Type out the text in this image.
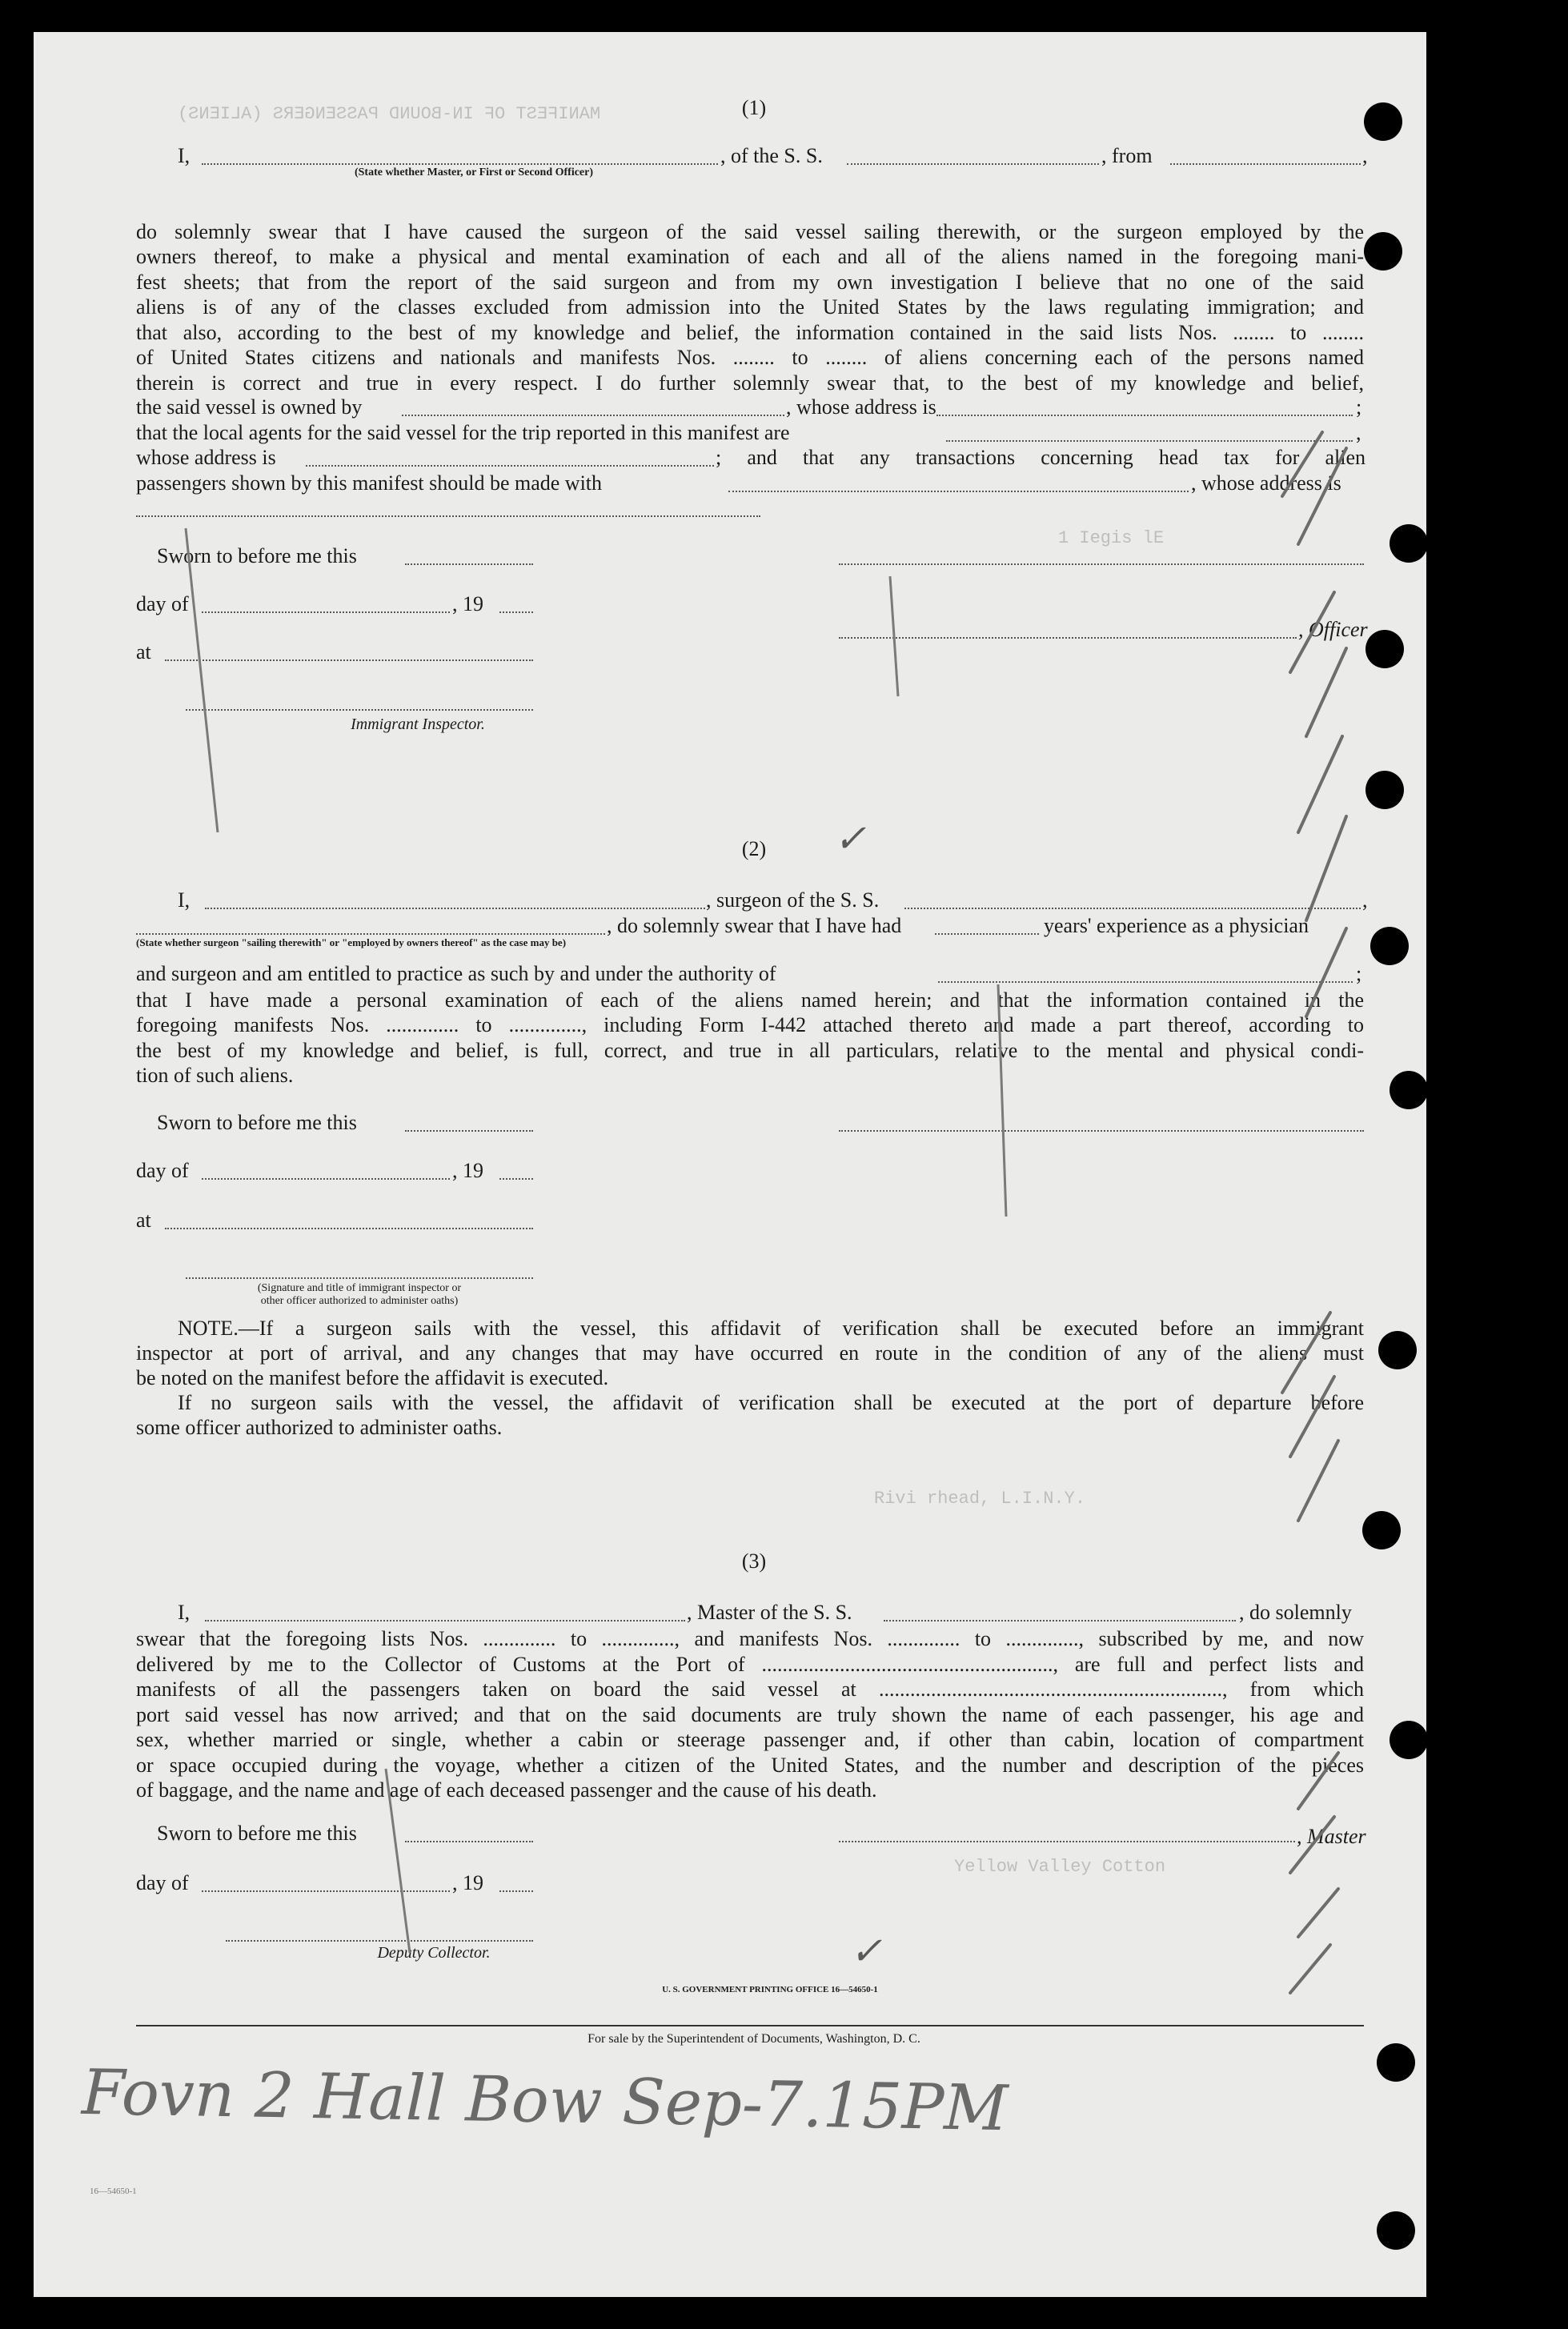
MANIFEST OF IN-BOUND PASSENGERS (ALIENS)
1 Iegis lE
Rivi rhead, L.I.N.Y.
Yellow Valley Cotton
(1)
I,	, of the S. S.	, from	,
(State whether Master, or First or Second Officer)
do solemnly swear that I have caused the surgeon of the said vessel sailing therewith, or the surgeon employed by the
owners thereof, to make a physical and mental examination of each and all of the aliens named in the foregoing mani-
fest sheets; that from the report of the said surgeon and from my own investigation I believe that no one of the said
aliens is of any of the classes excluded from admission into the United States by the laws regulating immigration; and
that also, according to the best of my knowledge and belief, the information contained in the said lists Nos. ........ to ........
of United States citizens and nationals and manifests Nos. ........ to ........ of aliens concerning each of the persons named
therein is correct and true in every respect. I do further solemnly swear that, to the best of my knowledge and belief,
the said vessel is owned by	, whose address is	;
that the local agents for the said vessel for the trip reported in this manifest are	,
whose address is	; and that any transactions concerning head tax for alien
passengers shown by this manifest should be made with	, whose address is
Sworn to before me this
day of	, 19
, Officer
at
Immigrant Inspector.
(2)
I,	, surgeon of the S. S.	,
, do solemnly swear that I have had	years' experience as a physician
(State whether surgeon "sailing therewith" or "employed by owners thereof" as the case may be)
and surgeon and am entitled to practice as such by and under the authority of	;
that I have made a personal examination of each of the aliens named herein; and that the information contained in the
foregoing manifests Nos. .............. to .............., including Form I-442 attached thereto and made a part thereof, according to
the best of my knowledge and belief, is full, correct, and true in all particulars, relative to the mental and physical condi-
tion of such aliens.
Sworn to before me this
day of	, 19
at
(Signature and title of immigrant inspector or
other officer authorized to administer oaths)
NOTE.—If a surgeon sails with the vessel, this affidavit of verification shall be executed before an immigrant
inspector at port of arrival, and any changes that may have occurred en route in the condition of any of the aliens must
be noted on the manifest before the affidavit is executed.
If no surgeon sails with the vessel, the affidavit of verification shall be executed at the port of departure before
some officer authorized to administer oaths.
(3)
I,	, Master of the S. S.	, do solemnly
swear that the foregoing lists Nos. .............. to .............., and manifests Nos. .............. to .............., subscribed by me, and now
delivered by me to the Collector of Customs at the Port of ........................................................, are full and perfect lists and
manifests of all the passengers taken on board the said vessel at .................................................................., from which
port said vessel has now arrived; and that on the said documents are truly shown the name of each passenger, his age and
sex, whether married or single, whether a cabin or steerage passenger and, if other than cabin, location of compartment
or space occupied during the voyage, whether a citizen of the United States, and the number and description of the pieces
of baggage, and the name and age of each deceased passenger and the cause of his death.
Sworn to before me this	, Master
day of	, 19
Deputy Collector.
U. S. GOVERNMENT PRINTING OFFICE 16—54650-1
For sale by the Superintendent of Documents, Washington, D. C.
16—54650-1
Fovn 2 Hall Bow Sep-7.15PM
✓
✓
